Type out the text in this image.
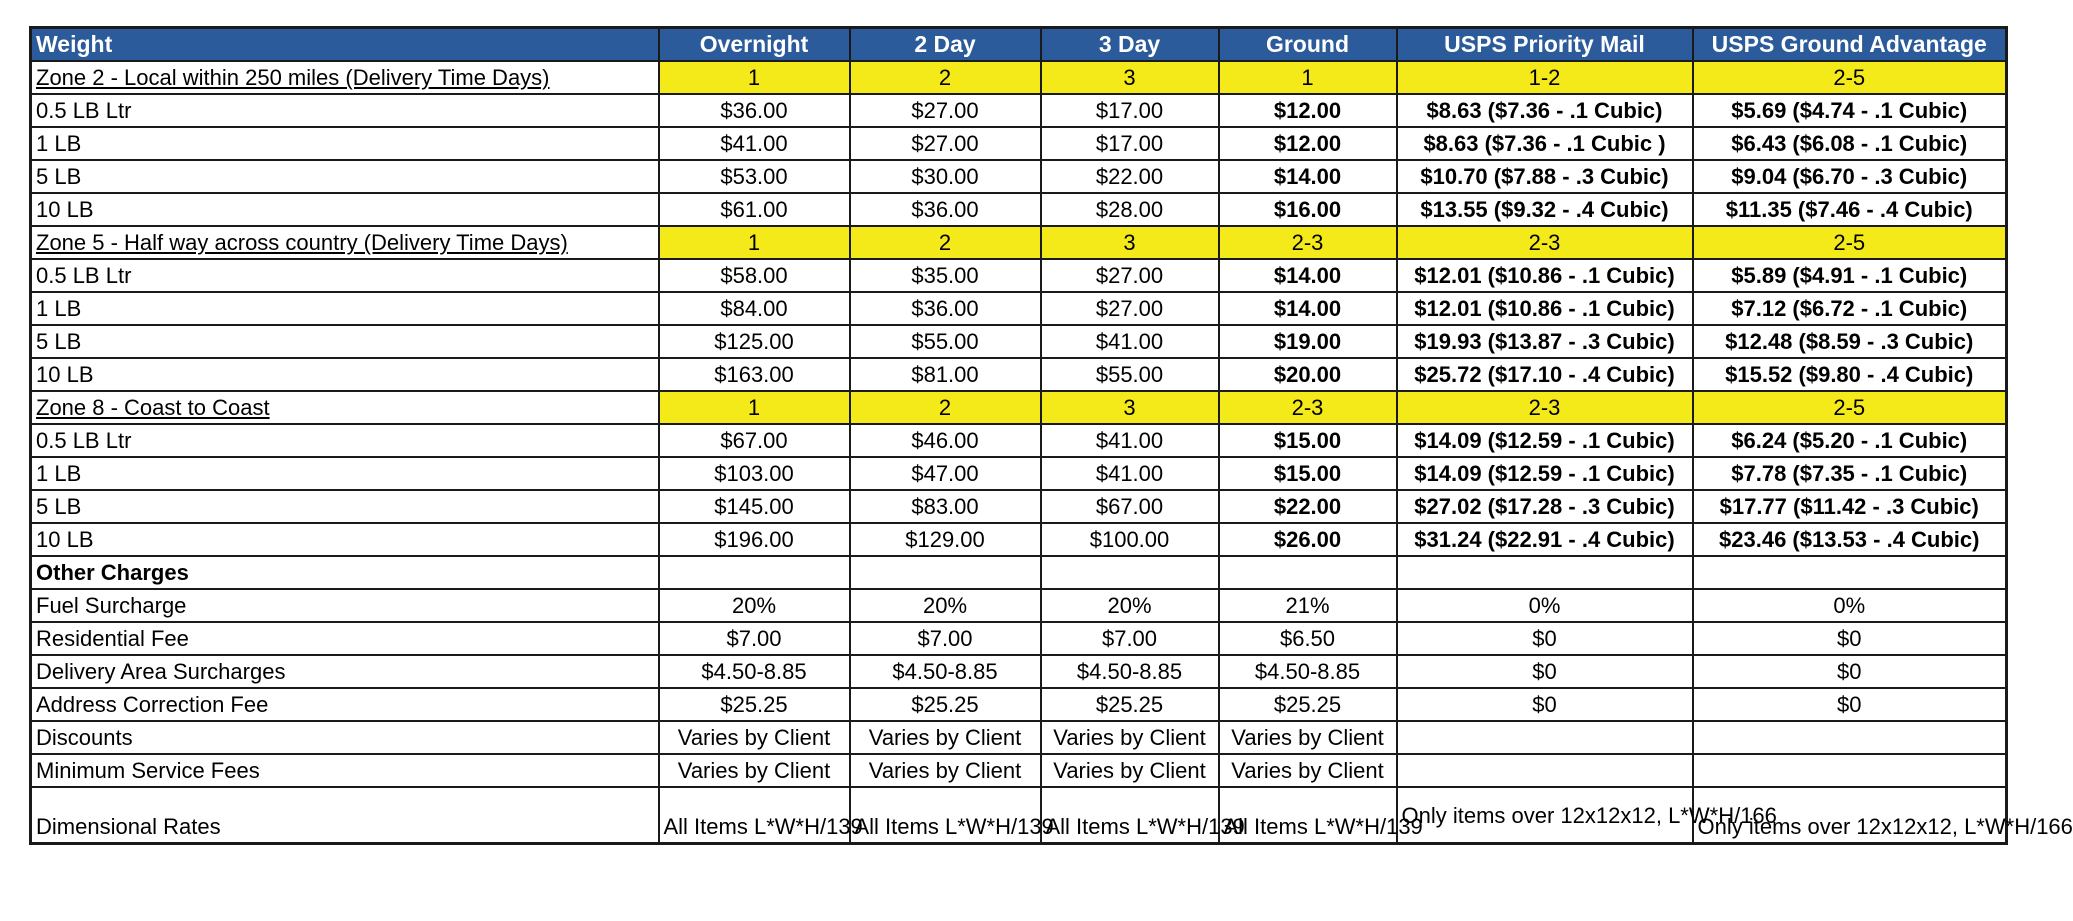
Weight	Overnight	2 Day	3 Day	Ground	USPS Priority Mail	USPS Ground Advantage
Zone 2 - Local within 250 miles (Delivery Time Days)	1	2	3	1	1-2	2-5
0.5 LB Ltr	$36.00	$27.00	$17.00	$12.00	$8.63 ($7.36 - .1 Cubic)	$5.69 ($4.74 - .1 Cubic)
1 LB	$41.00	$27.00	$17.00	$12.00	$8.63 ($7.36 - .1 Cubic )	$6.43 ($6.08 - .1 Cubic)
5 LB	$53.00	$30.00	$22.00	$14.00	$10.70 ($7.88 - .3 Cubic)	$9.04 ($6.70 - .3 Cubic)
10 LB	$61.00	$36.00	$28.00	$16.00	$13.55 ($9.32 - .4 Cubic)	$11.35 ($7.46 - .4 Cubic)
Zone 5 - Half way across country (Delivery Time Days)	1	2	3	2-3	2-3	2-5
0.5 LB Ltr	$58.00	$35.00	$27.00	$14.00	$12.01 ($10.86 - .1 Cubic)	$5.89 ($4.91 - .1 Cubic)
1 LB	$84.00	$36.00	$27.00	$14.00	$12.01 ($10.86 - .1 Cubic)	$7.12 ($6.72 - .1 Cubic)
5 LB	$125.00	$55.00	$41.00	$19.00	$19.93 ($13.87 - .3 Cubic)	$12.48 ($8.59 - .3 Cubic)
10 LB	$163.00	$81.00	$55.00	$20.00	$25.72 ($17.10 - .4 Cubic)	$15.52 ($9.80 - .4 Cubic)
Zone 8 - Coast to Coast	1	2	3	2-3	2-3	2-5
0.5 LB Ltr	$67.00	$46.00	$41.00	$15.00	$14.09 ($12.59 - .1 Cubic)	$6.24 ($5.20 - .1 Cubic)
1 LB	$103.00	$47.00	$41.00	$15.00	$14.09 ($12.59 - .1 Cubic)	$7.78 ($7.35 - .1 Cubic)
5 LB	$145.00	$83.00	$67.00	$22.00	$27.02 ($17.28 - .3 Cubic)	$17.77 ($11.42 - .3 Cubic)
10 LB	$196.00	$129.00	$100.00	$26.00	$31.24 ($22.91 - .4 Cubic)	$23.46 ($13.53 - .4 Cubic)
Other Charges						
Fuel Surcharge	20%	20%	20%	21%	0%	0%
Residential Fee	$7.00	$7.00	$7.00	$6.50	$0	$0
Delivery Area Surcharges	$4.50-8.85	$4.50-8.85	$4.50-8.85	$4.50-8.85	$0	$0
Address Correction Fee	$25.25	$25.25	$25.25	$25.25	$0	$0
Discounts	Varies by Client	Varies by Client	Varies by Client	Varies by Client		
Minimum Service Fees	Varies by Client	Varies by Client	Varies by Client	Varies by Client		
Dimensional Rates	All Items L*W*H/139	All Items L*W*H/139	All Items L*W*H/139	All Items L*W*H/139	Only items over 12x12x12, L*W*H/166	Only items over 12x12x12, L*W*H/166
